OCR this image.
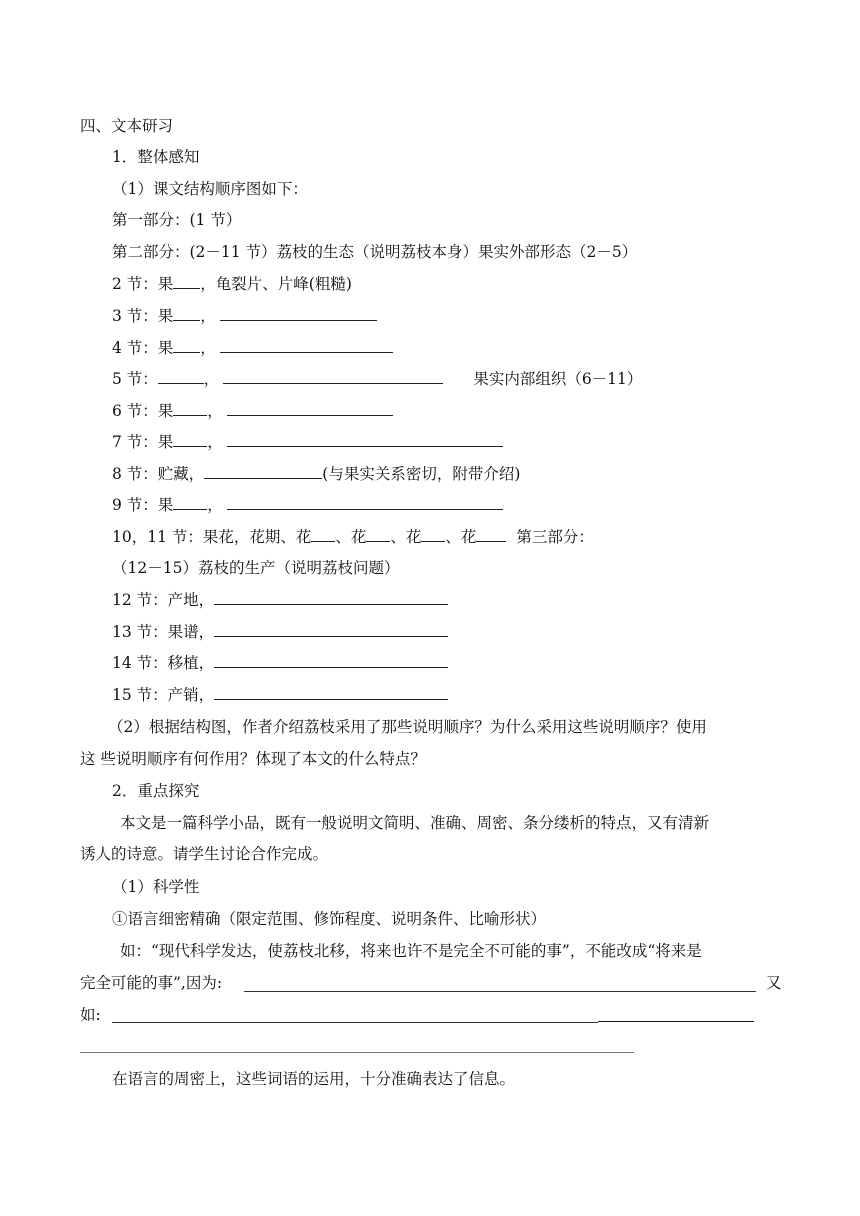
四、文本研习
1．整体感知
（1）课文结构顺序图如下：
第一部分：(1 节）
第二部分：(2－11 节）荔枝的生态（说明荔枝本身）果实外部形态（2－5）
2 节：果 ，龟裂片、片峰(粗糙)
3 节：果 ，
4 节：果 ，
5 节：	，	果实内部组织（6－11）
6 节：果 ，
7 节：果 ，
8 节：贮藏，	(与果实关系密切，附带介绍)
9 节：果 ，
10，11 节：果花，花期、花 、花 、花 、花	第三部分：
（12－15）荔枝的生产（说明荔枝问题）
12 节：产地，
13 节：果谱，
14 节：移植，
15 节：产销，
（2）根据结构图，作者介绍荔枝采用了那些说明顺序？为什么采用这些说明顺序？使用
这 些说明顺序有何作用？体现了本文的什么特点？
2．重点探究
本文是一篇科学小品，既有一般说明文简明、准确、周密、条分缕析的特点，又有清新
诱人的诗意。请学生讨论合作完成。
（1）科学性
①语言细密精确（限定范围、修饰程度、说明条件、比喻形状）
如：“现代科学发达，使荔枝北移，将来也许不是完全不可能的事”，不能改成“将来是
完全可能的事”,因为:	又
如:
在语言的周密上，这些词语的运用，十分准确表达了信息。
